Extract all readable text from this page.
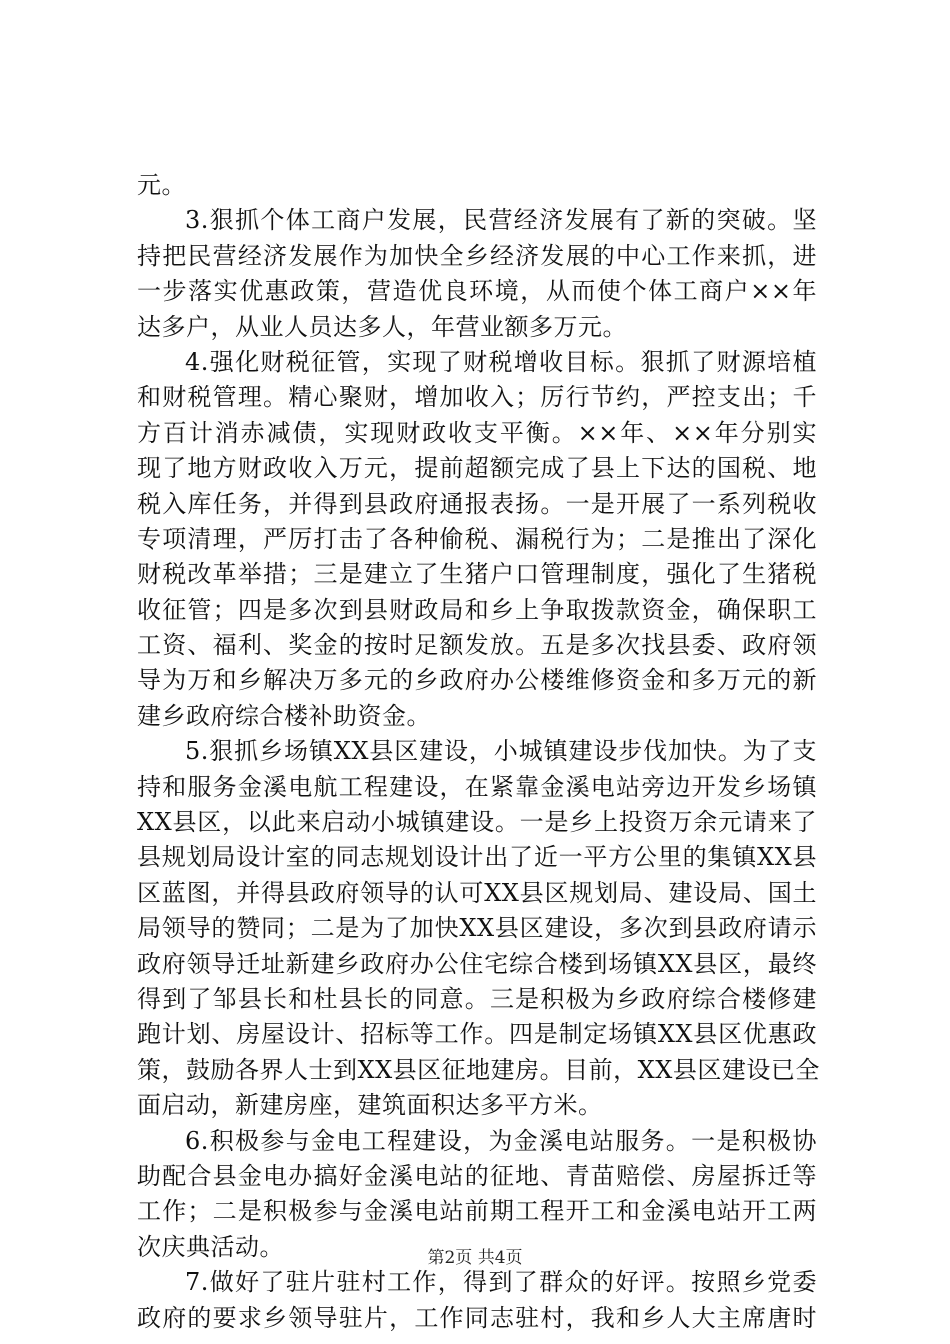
元。
3.狠抓个体工商户发展，民营经济发展有了新的突破。坚
持把民营经济发展作为加快全乡经济发展的中心工作来抓，进
一步落实优惠政策，营造优良环境，从而使个体工商户××年
达多户，从业人员达多人，年营业额多万元。
4.强化财税征管，实现了财税增收目标。狠抓了财源培植
和财税管理。精心聚财，增加收入；厉行节约，严控支出；千
方百计消赤减债，实现财政收支平衡。××年、××年分别实
现了地方财政收入万元，提前超额完成了县上下达的国税、地
税入库任务，并得到县政府通报表扬。一是开展了一系列税收
专项清理，严厉打击了各种偷税、漏税行为；二是推出了深化
财税改革举措；三是建立了生猪户口管理制度，强化了生猪税
收征管；四是多次到县财政局和乡上争取拨款资金，确保职工
工资、福利、奖金的按时足额发放。五是多次找县委、政府领
导为万和乡解决万多元的乡政府办公楼维修资金和多万元的新
建乡政府综合楼补助资金。
5.狠抓乡场镇XX县区建设，小城镇建设步伐加快。为了支
持和服务金溪电航工程建设，在紧靠金溪电站旁边开发乡场镇
XX县区，以此来启动小城镇建设。一是乡上投资万余元请来了
县规划局设计室的同志规划设计出了近一平方公里的集镇XX县
区蓝图，并得县政府领导的认可XX县区规划局、建设局、国土
局领导的赞同；二是为了加快XX县区建设，多次到县政府请示
政府领导迁址新建乡政府办公住宅综合楼到场镇XX县区，最终
得到了邹县长和杜县长的同意。三是积极为乡政府综合楼修建
跑计划、房屋设计、招标等工作。四是制定场镇XX县区优惠政
策，鼓励各界人士到XX县区征地建房。目前，XX县区建设已全
面启动，新建房座，建筑面积达多平方米。
6.积极参与金电工程建设，为金溪电站服务。一是积极协
助配合县金电办搞好金溪电站的征地、青苗赔偿、房屋拆迁等
工作；二是积极参与金溪电站前期工程开工和金溪电站开工两
次庆典活动。
7.做好了驻片驻村工作，得到了群众的好评。按照乡党委
政府的要求乡领导驻片，工作同志驻村，我和乡人大主席唐时
第2页 共4页
